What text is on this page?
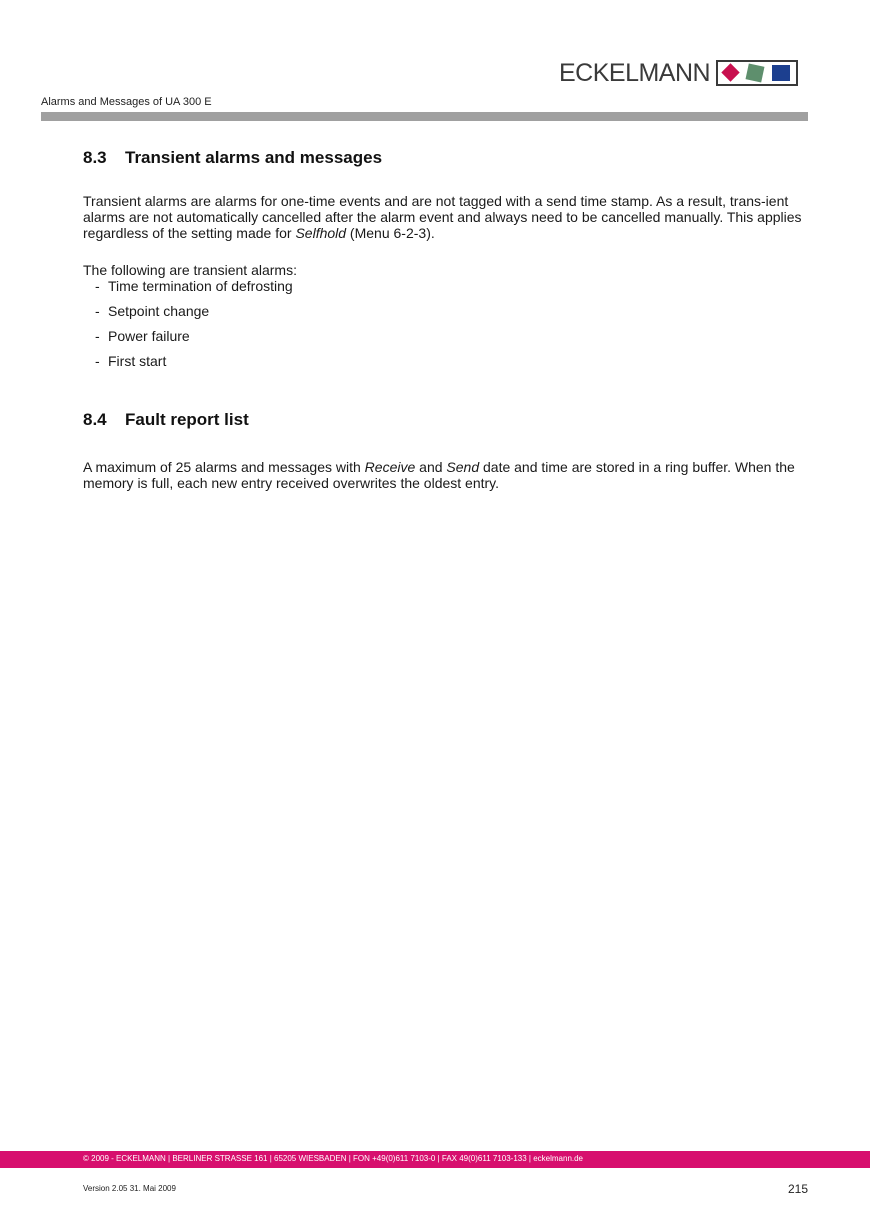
ECKELMANN
Alarms and Messages of UA 300 E
8.3 Transient alarms and messages

Transient alarms are alarms for one-time events and are not tagged with a send time stamp. As a result, trans-ient alarms are not automatically cancelled after the alarm event and always need to be cancelled manually. This applies regardless of the setting made for Selfhold (Menu 6-2-3).

The following are transient alarms:

- Time termination of defrosting
- Setpoint change
- Power failure
- First start
8.4 Fault report list

A maximum of 25 alarms and messages with Receive and Send date and time are stored in a ring buffer. When the memory is full, each new entry received overwrites the oldest entry.

© 2009 - ECKELMANN | BERLINER STRASSE 161 | 65205 WIESBADEN | FON +49(0)611 7103-0 | FAX 49(0)611 7103-133 | eckelmann.de
Version 2.05 31. Mai 2009	215
